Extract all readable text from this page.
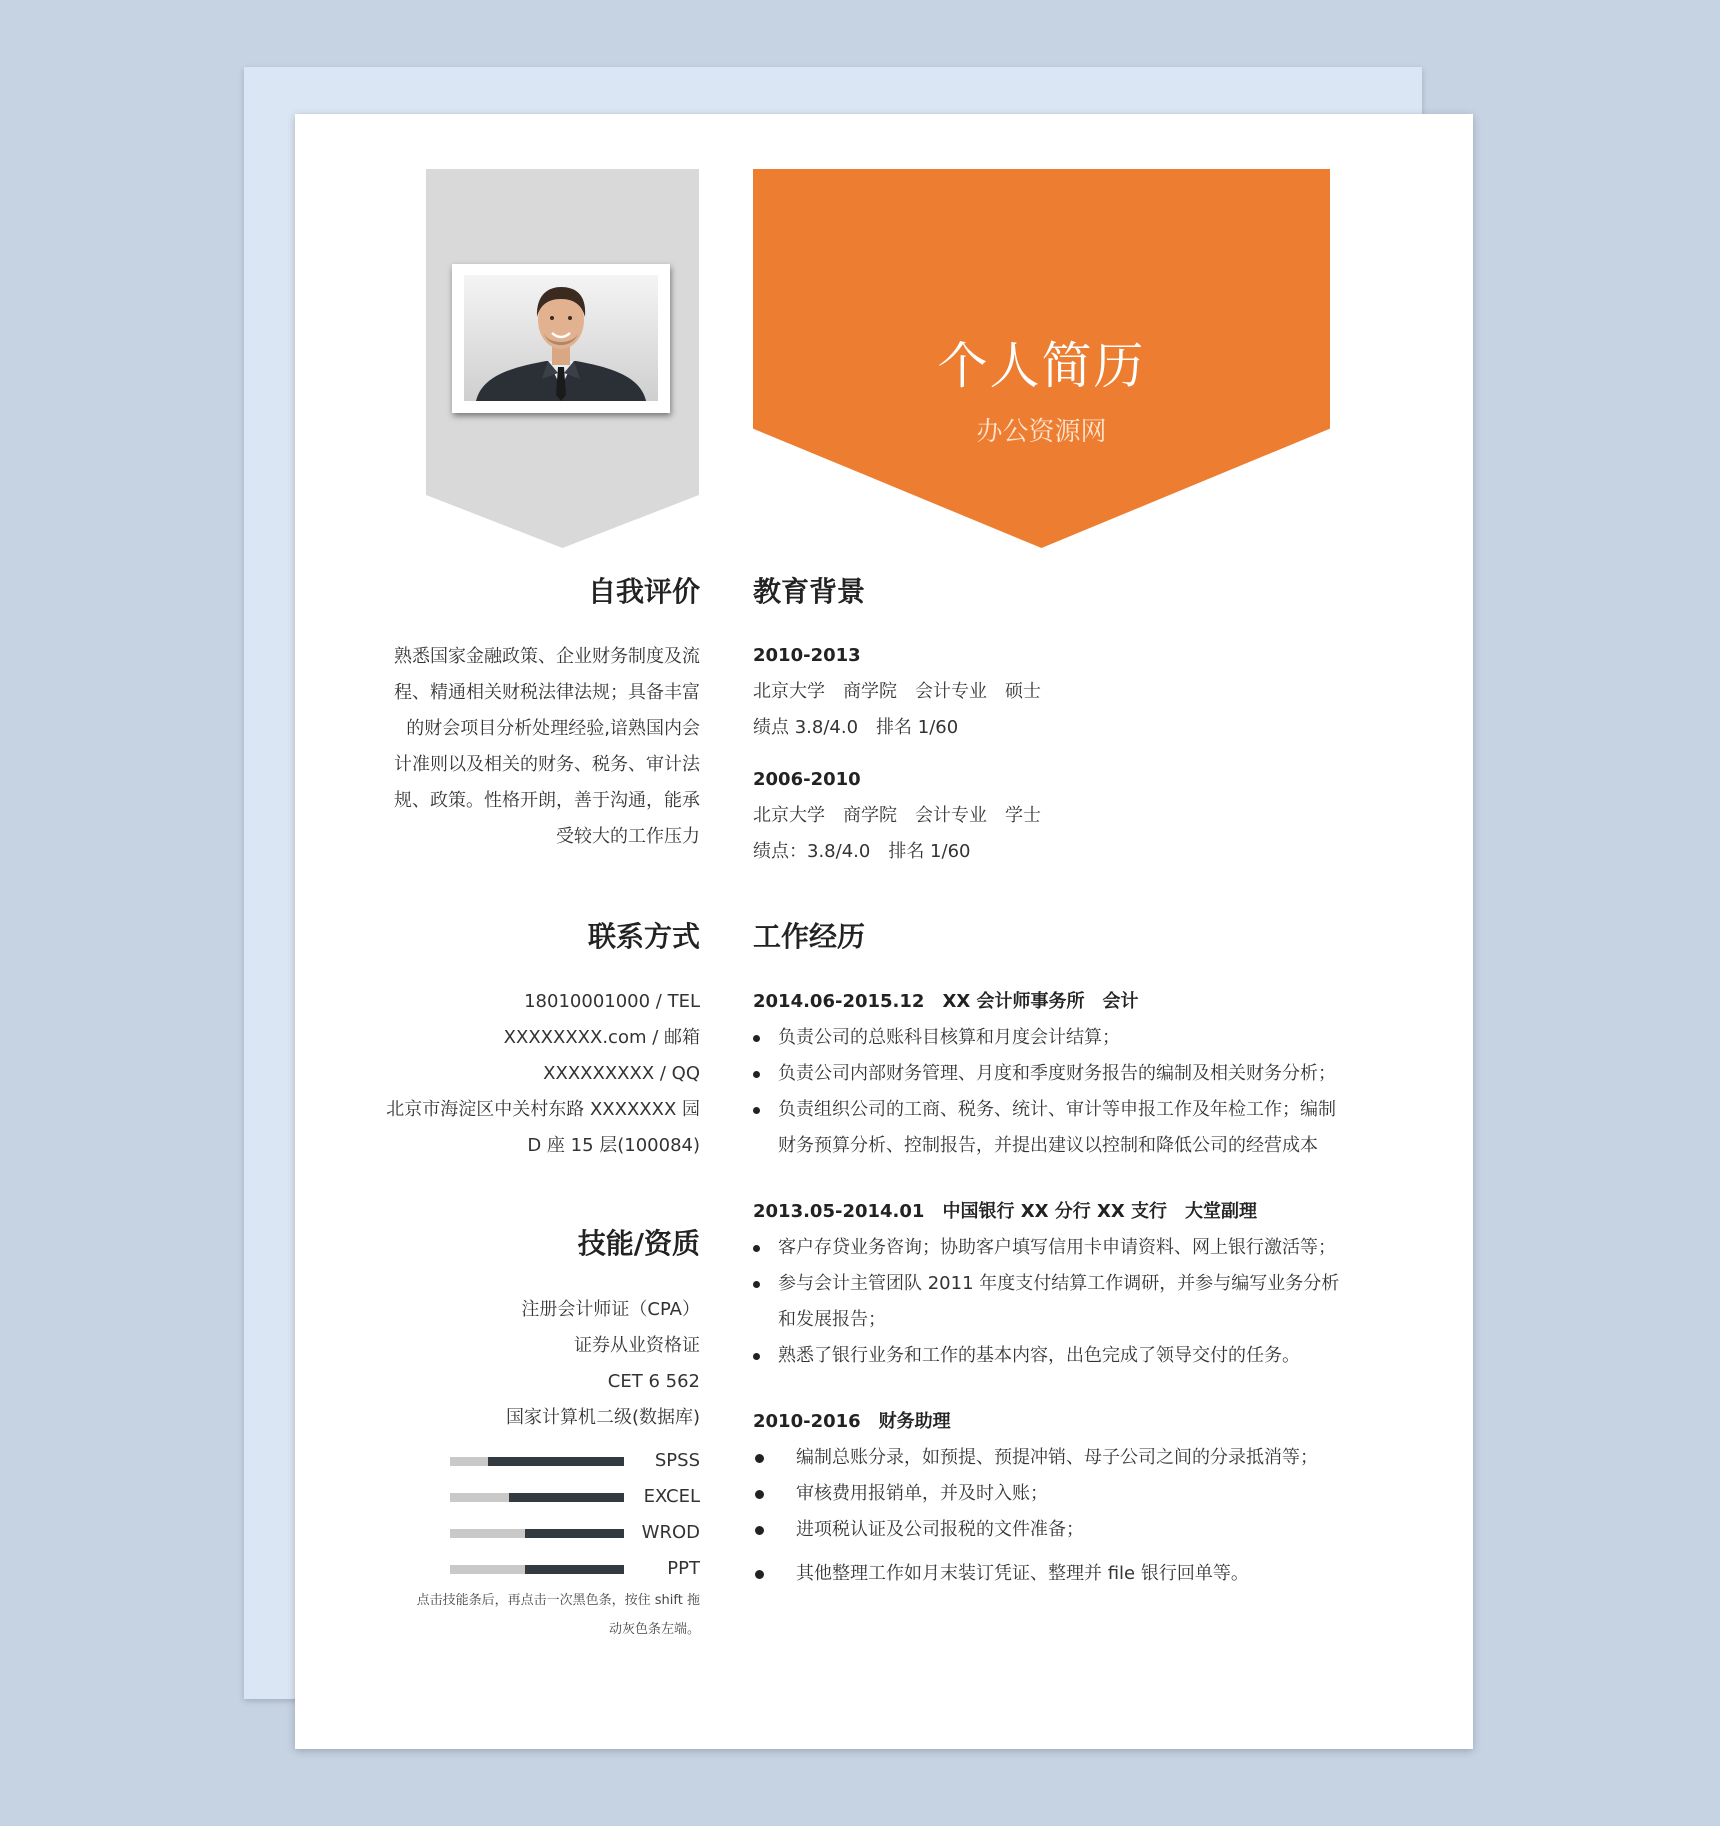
个人简历
办公资源网
自我评价
熟悉国家金融政策、企业财务制度及流
程、精通相关财税法律法规；具备丰富
的财会项目分析处理经验,谙熟国内会
计准则以及相关的财务、税务、审计法
规、政策。性格开朗，善于沟通，能承
受较大的工作压力
联系方式
18010001000 / TEL
XXXXXXXX.com / 邮箱
XXXXXXXXX / QQ
北京市海淀区中关村东路 XXXXXXX 园
D 座 15 层(100084)
技能/资质
注册会计师证（CPA）
证券从业资格证
CET 6 562
国家计算机二级(数据库)
SPSS
EXCEL
WROD
PPT
点击技能条后，再点击一次黑色条，按住 shift 拖
动灰色条左端。
教育背景
2010-2013
北京大学 商学院 会计专业 硕士
绩点 3.8/4.0 排名 1/60
2006-2010
北京大学 商学院 会计专业 学士
绩点：3.8/4.0 排名 1/60
工作经历
2014.06-2015.12 XX 会计师事务所 会计
负责公司的总账科目核算和月度会计结算；
负责公司内部财务管理、月度和季度财务报告的编制及相关财务分析；
负责组织公司的工商、税务、统计、审计等申报工作及年检工作；编制
财务预算分析、控制报告，并提出建议以控制和降低公司的经营成本
2013.05-2014.01 中国银行 XX 分行 XX 支行 大堂副理
客户存贷业务咨询；协助客户填写信用卡申请资料、网上银行激活等；
参与会计主管团队 2011 年度支付结算工作调研，并参与编写业务分析
和发展报告；
熟悉了银行业务和工作的基本内容，出色完成了领导交付的任务。
2010-2016 财务助理
编制总账分录，如预提、预提冲销、母子公司之间的分录抵消等；
审核费用报销单，并及时入账；
进项税认证及公司报税的文件准备；
其他整理工作如月末装订凭证、整理并 file 银行回单等。
